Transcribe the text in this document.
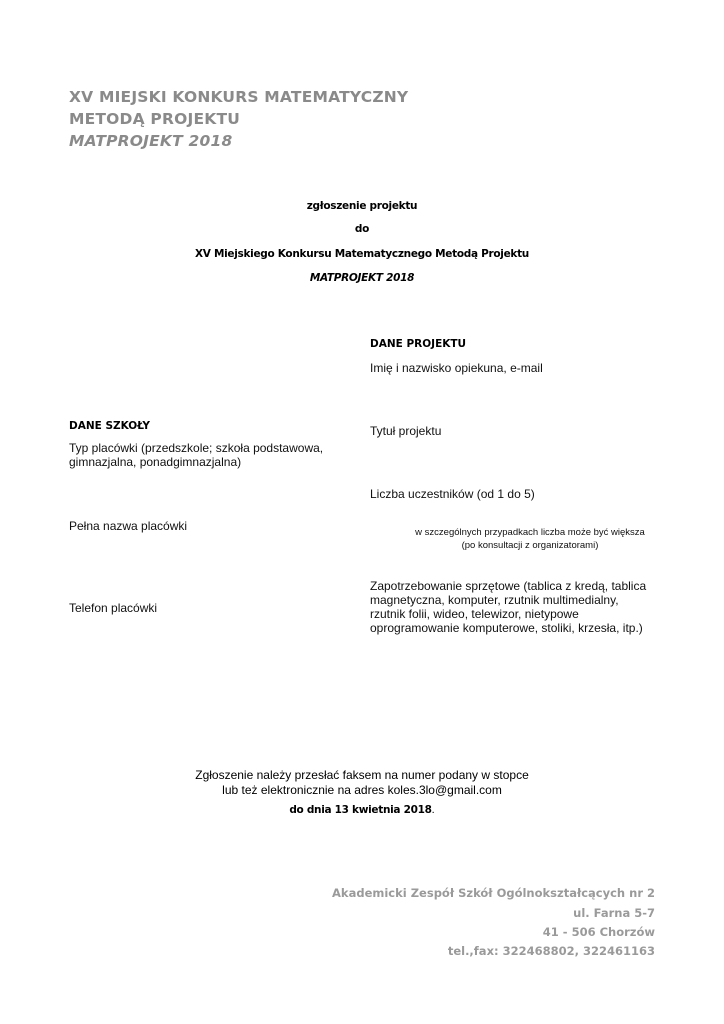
XV MIEJSKI KONKURS MATEMATYCZNY
METODĄ PROJEKTU
MATPROJEKT 2018
zgłoszenie projektu
do
XV Miejskiego Konkursu Matematycznego Metodą Projektu
MATPROJEKT 2018
DANE PROJEKTU
Imię i nazwisko opiekuna, e-mail
DANE SZKOŁY
Typ placówki (przedszkole; szkoła podstawowa,
gimnazjalna, ponadgimnazjalna)
Tytuł projektu
Liczba uczestników (od 1 do 5)
Pełna nazwa placówki	w szczególnych przypadkach liczba może być większa
(po konsultacji z organizatorami)
Zapotrzebowanie sprzętowe (tablica z kredą, tablica
magnetyczna, komputer, rzutnik multimedialny,
rzutnik folii, wideo, telewizor, nietypowe
oprogramowanie komputerowe, stoliki, krzesła, itp.)
Telefon placówki
Zgłoszenie należy przesłać faksem na numer podany w stopce
lub też elektronicznie na adres koles.3lo@gmail.com
do dnia 13 kwietnia 2018.
Akademicki Zespół Szkół Ogólnokształcących nr 2
ul. Farna 5-7
41 - 506 Chorzów
tel.,fax: 322468802, 322461163
